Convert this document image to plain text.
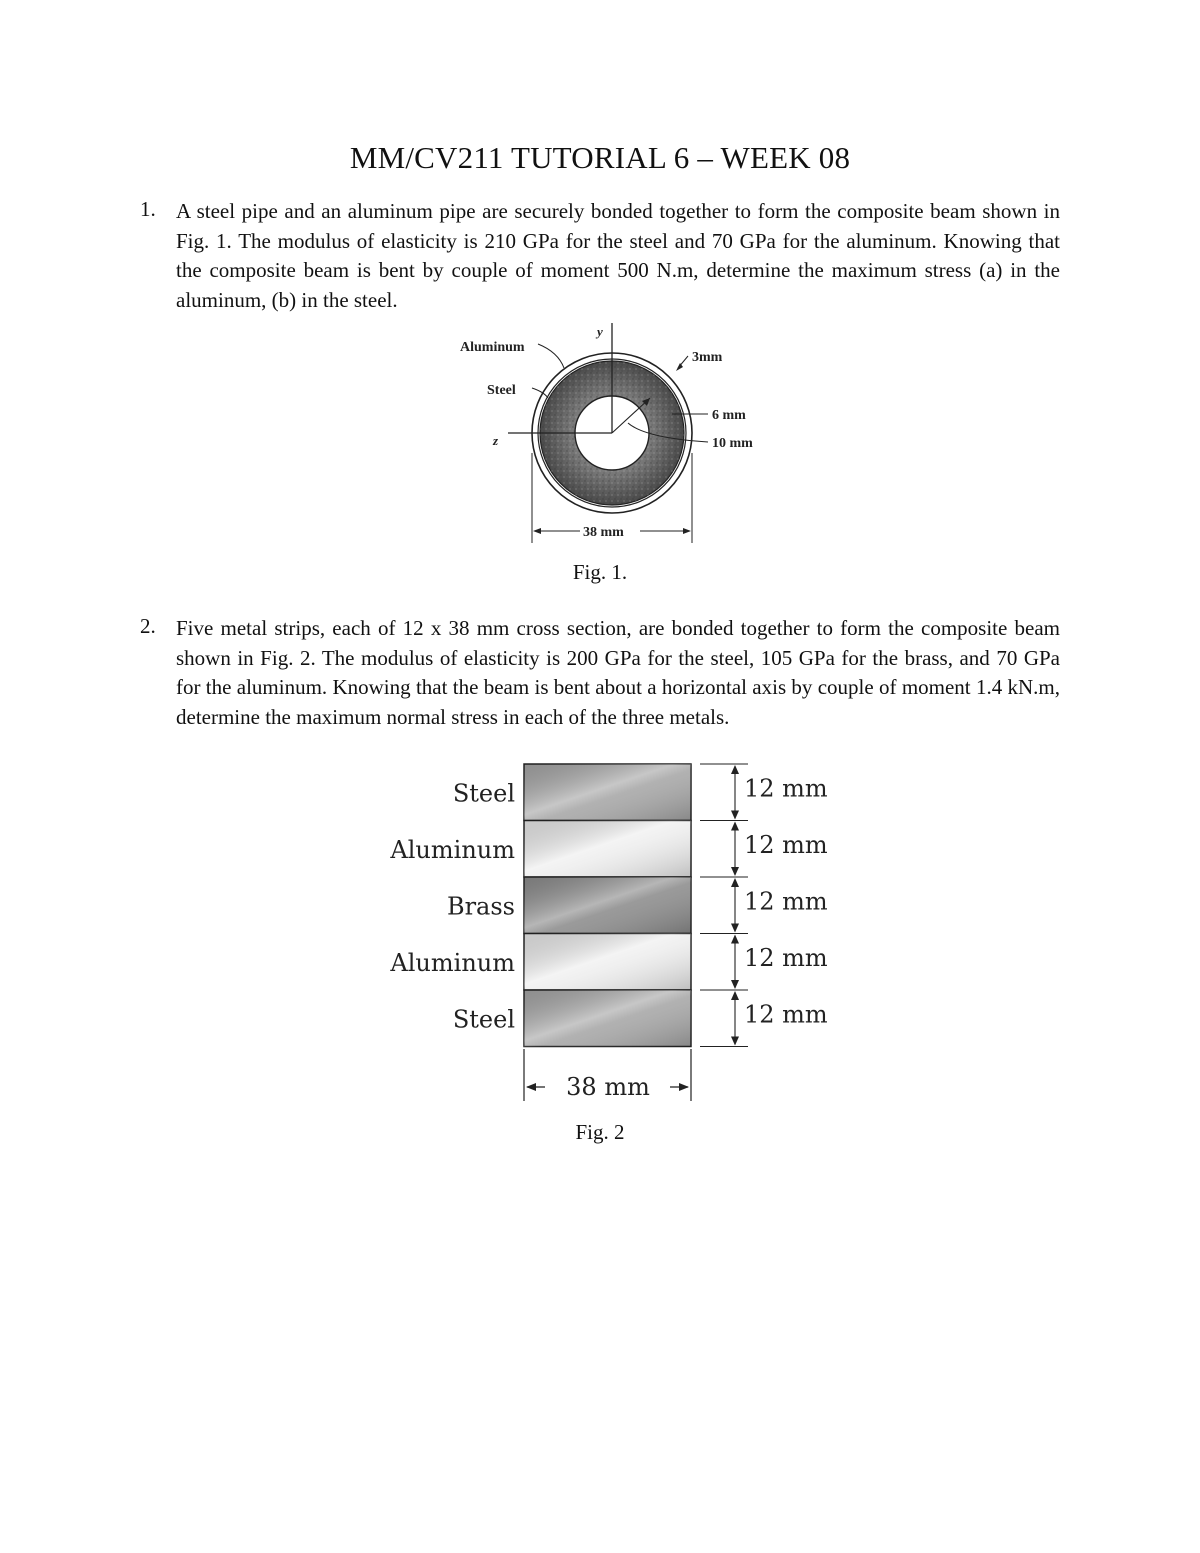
MM/CV211 TUTORIAL 6 – WEEK 08
1. A steel pipe and an aluminum pipe are securely bonded together to form the composite beam shown in Fig. 1. The modulus of elasticity is 210 GPa for the steel and 70 GPa for the aluminum. Knowing that the composite beam is bent by couple of moment 500 N.m, determine the maximum stress (a) in the aluminum, (b) in the steel.
Aluminum
Steel
y
z
3mm
6 mm
10 mm
38 mm
Fig. 1.
2. Five metal strips, each of 12 x 38 mm cross section, are bonded together to form the composite beam shown in Fig. 2. The modulus of elasticity is 200 GPa for the steel, 105 GPa for the brass, and 70 GPa for the aluminum. Knowing that the beam is bent about a horizontal axis by couple of moment 1.4 kN.m, determine the maximum normal stress in each of the three metals.
Steel	12 mm
Aluminum	12 mm
Brass	12 mm
Aluminum	12 mm
Steel	12 mm
38 mm
Fig. 2
